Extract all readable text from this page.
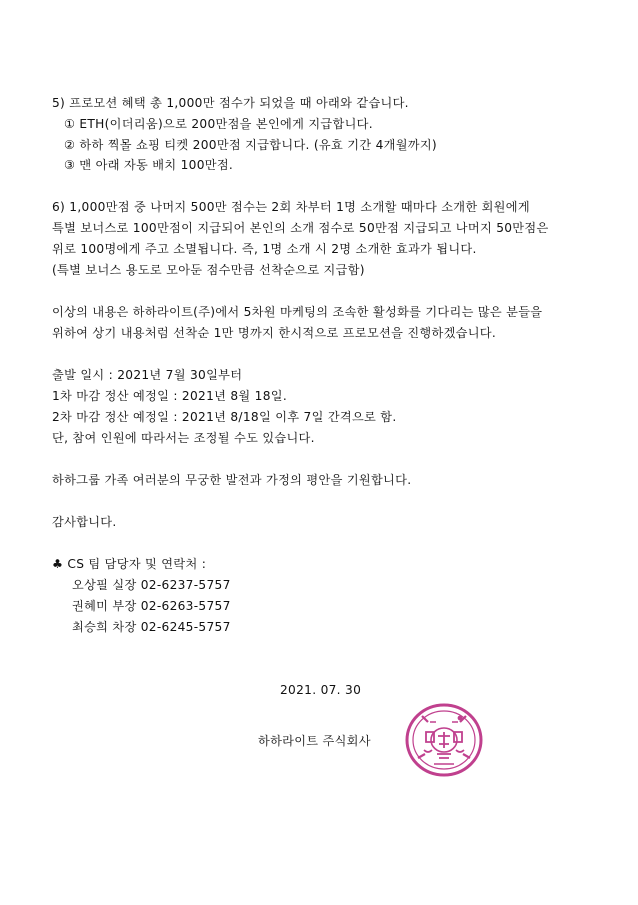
5) 프로모션 혜택 총 1,000만 점수가 되었을 때 아래와 같습니다.
① ETH(이더리움)으로 200만점을 본인에게 지급합니다.
② 하하 찍몰 쇼핑 티켓 200만점 지급합니다. (유효 기간 4개월까지)
③ 맨 아래 자동 배치 100만점.
6) 1,000만점 중 나머지 500만 점수는 2회 차부터 1명 소개할 때마다 소개한 회원에게
특별 보너스로 100만점이 지급되어 본인의 소개 점수로 50만점 지급되고 나머지 50만점은
위로 100명에게 주고 소멸됩니다. 즉, 1명 소개 시 2명 소개한 효과가 됩니다.
(특별 보너스 용도로 모아둔 점수만큼 선착순으로 지급함)
이상의 내용은 하하라이트(주)에서 5차원 마케팅의 조속한 활성화를 기다리는 많은 분들을
위하여 상기 내용처럼 선착순 1만 명까지 한시적으로 프로모션을 진행하겠습니다.
출발 일시 : 2021년 7월 30일부터
1차 마감 정산 예정일 : 2021년 8월 18일.
2차 마감 정산 예정일 : 2021년 8/18일 이후 7일 간격으로 함.
단, 참여 인원에 따라서는 조정될 수도 있습니다.
하하그룹 가족 여러분의 무궁한 발전과 가정의 평안을 기원합니다.
감사합니다.
♣ CS 팀 담당자 및 연락처 :
오상필 실장 02-6237-5757
권혜미 부장 02-6263-5757
최승희 차장 02-6245-5757
2021. 07. 30
하하라이트 주식회사
